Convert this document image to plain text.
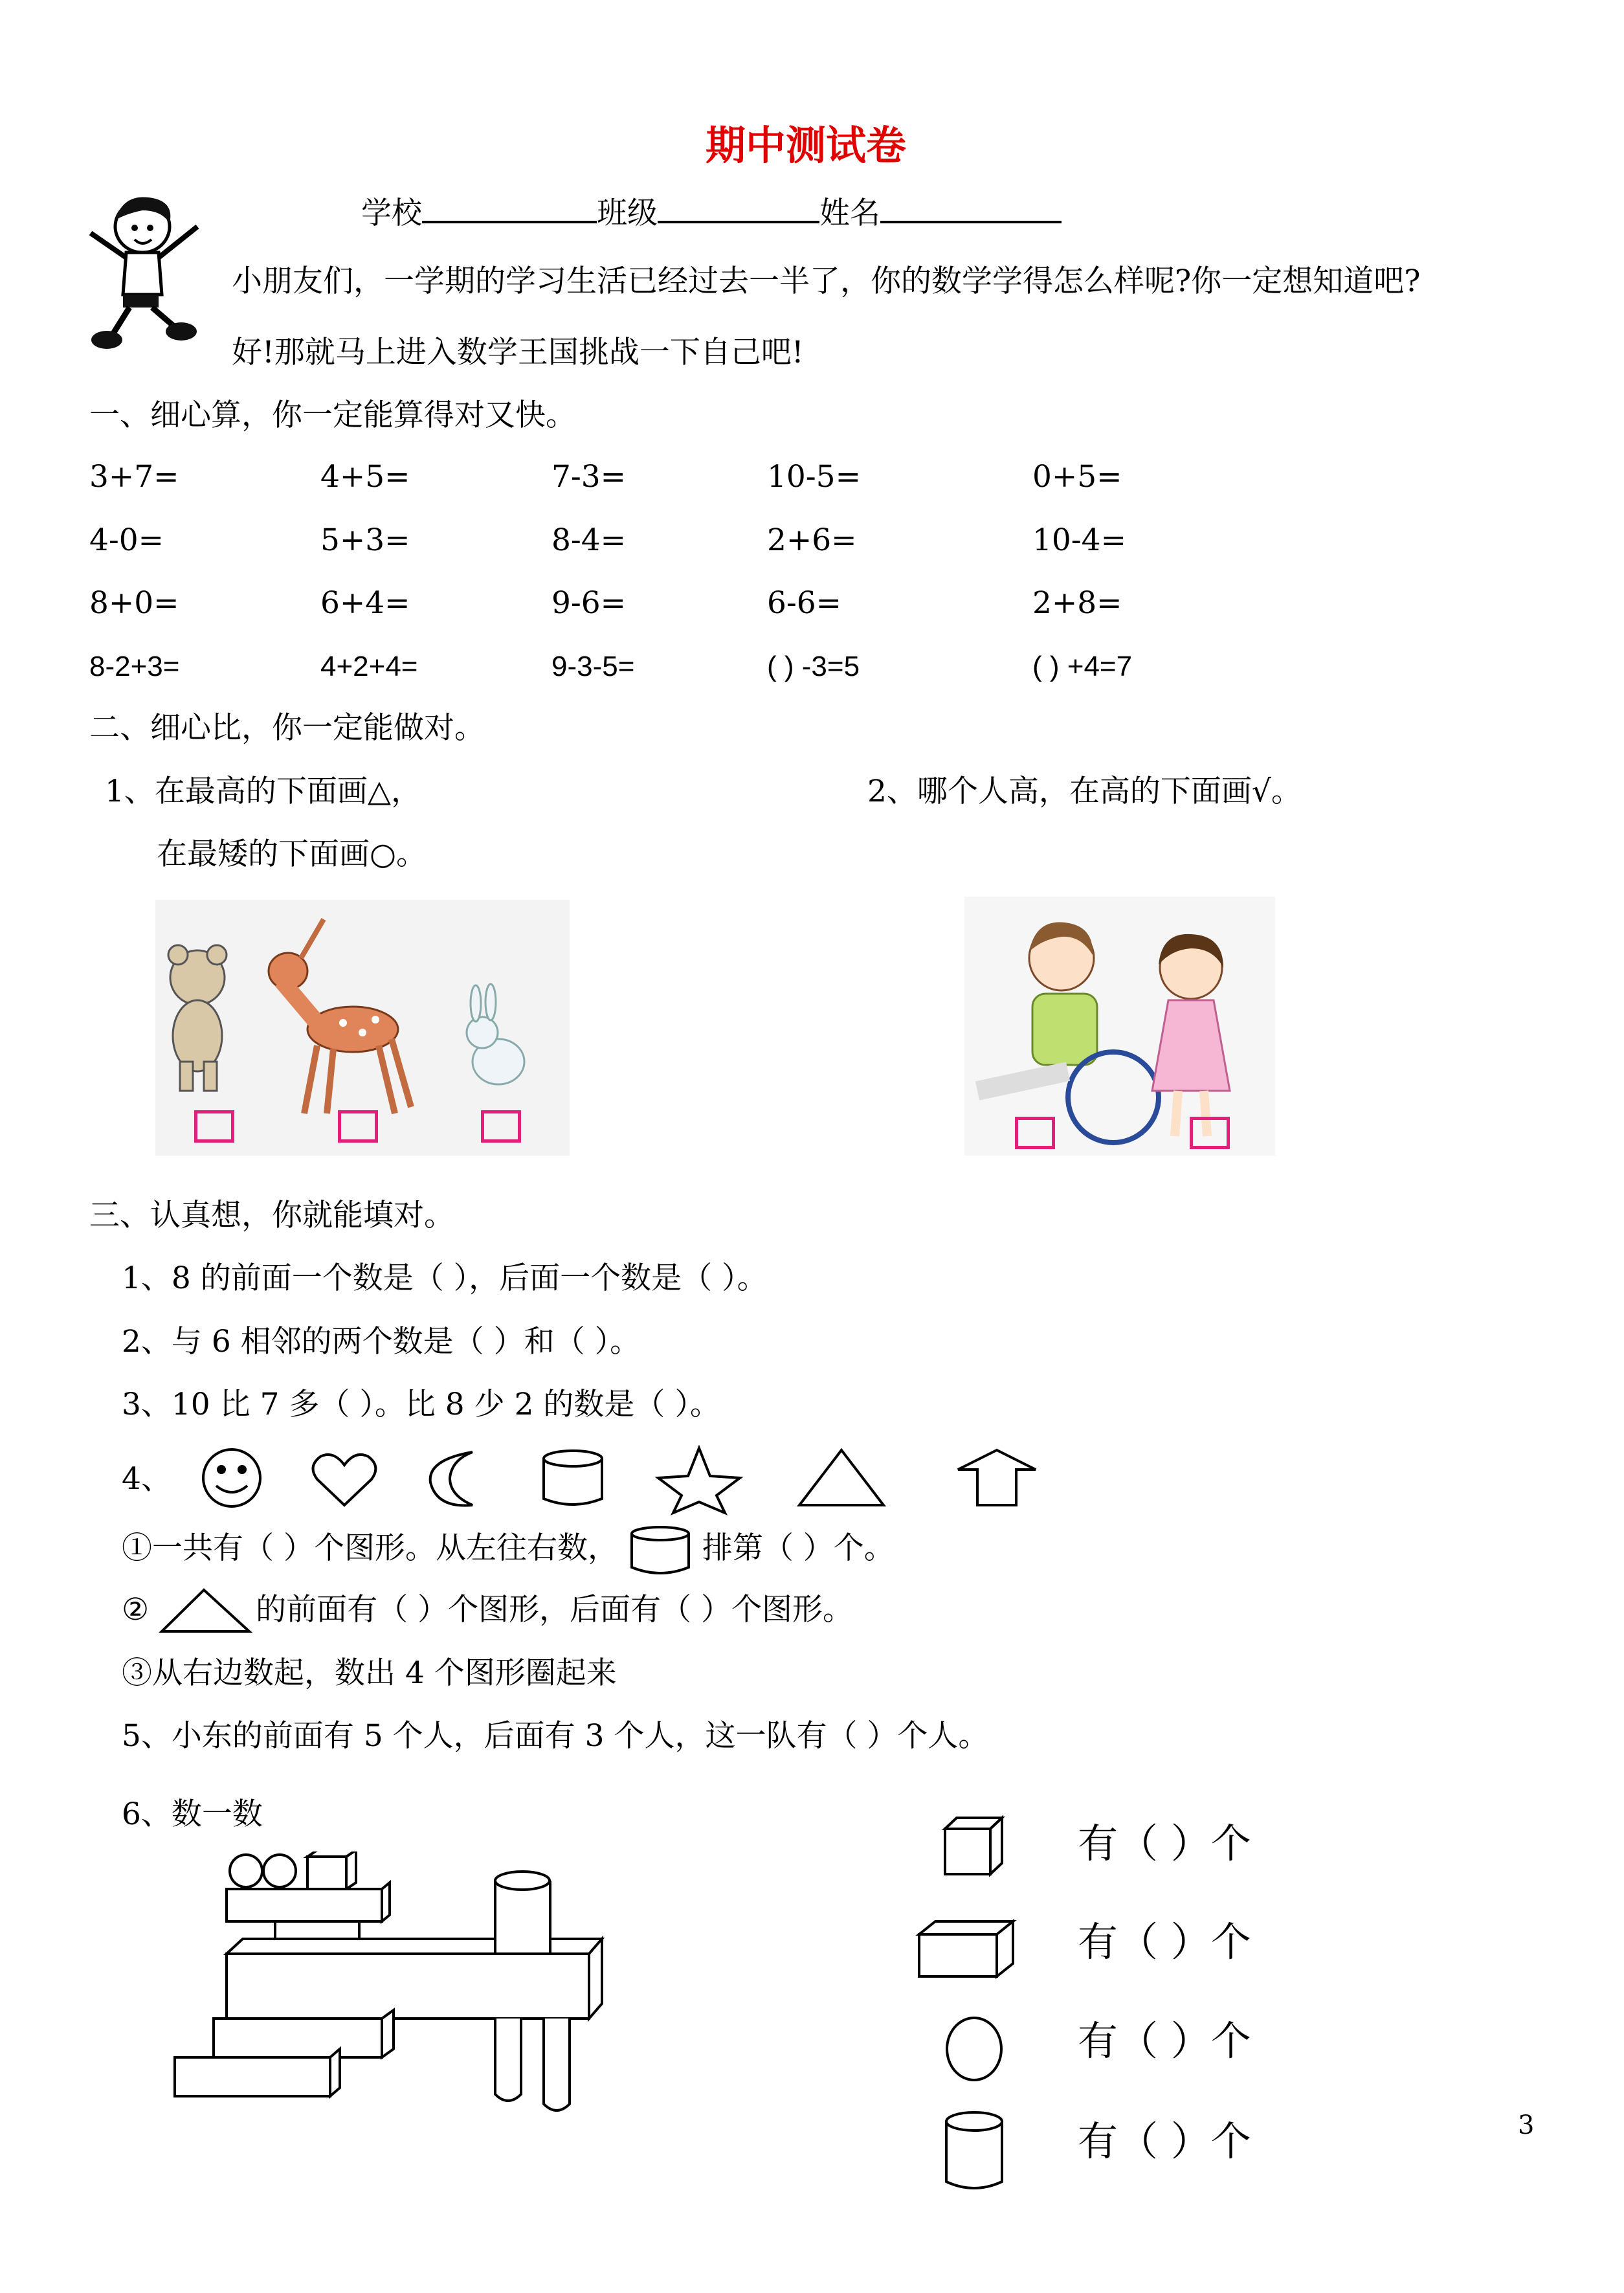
期中测试卷
学校	班级	姓名
小朋友们，一学期的学习生活已经过去一半了，你的数学学得怎么样呢?你一定想知道吧?
好!那就马上进入数学王国挑战一下自己吧!
一、细心算，你一定能算得对又快。
3+7=	4+5=	7-3=	10-5=	0+5=
4-0=	5+3=	8-4=	2+6=	10-4=
8+0=	6+4=	9-6=	6-6=	2+8=
8-2+3=	4+2+4=	9-3-5=	( ) -3=5	( ) +4=7
二、细心比，你一定能做对。
1、在最高的下面画△，
在最矮的下面画○。
2、哪个人高，在高的下面画√。
三、认真想，你就能填对。
1、8 的前面一个数是（ ），后面一个数是（ ）。
2、与 6 相邻的两个数是（ ）和（ ）。
3、10 比 7 多（ ）。比 8 少 2 的数是（ ）。
4、
①一共有（ ）个图形。从左往右数，	排第（ ）个。
②	的前面有（ ）个图形，后面有（ ）个图形。
③从右边数起，数出 4 个图形圈起来
5、小东的前面有 5 个人，后面有 3 个人，这一队有（ ）个人。
6、数一数
有（ ）个
有（ ）个
有（ ）个
有（ ）个	3
